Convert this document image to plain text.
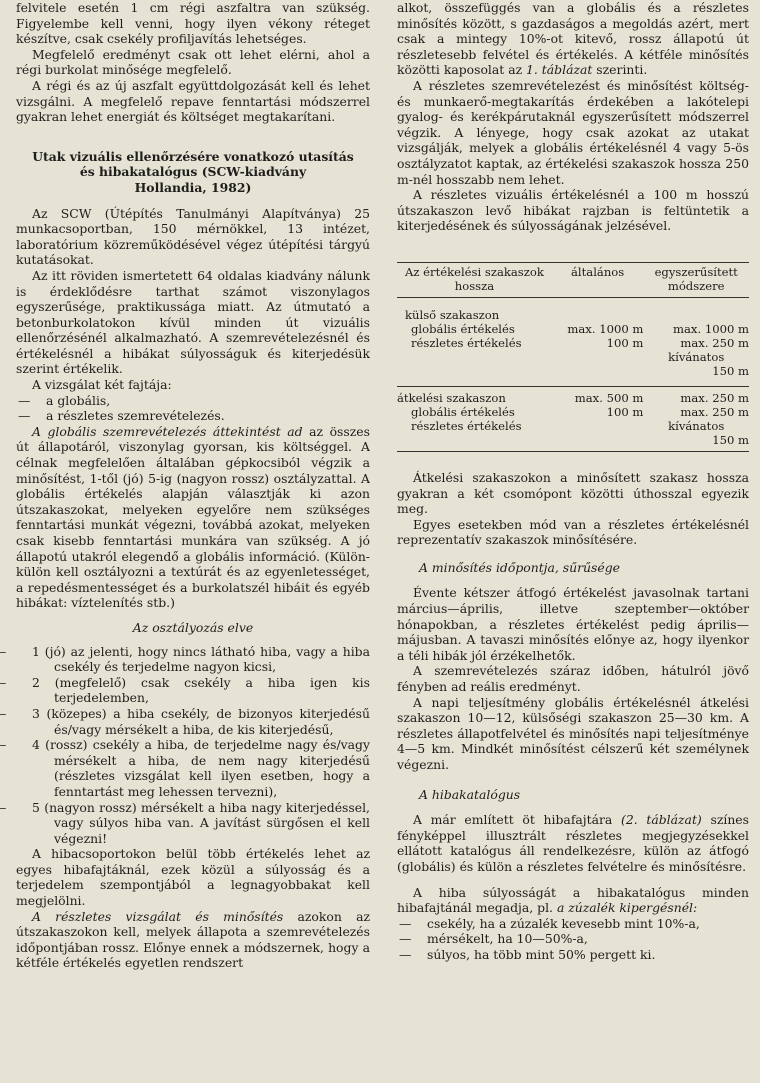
felvitele esetén 1 cm régi aszfaltra van szükség. Figyelembe kell venni, hogy ilyen vékony réteget készítve, csak csekély profiljavítás lehetséges.

Megfelelő eredményt csak ott lehet elérni, ahol a régi burkolat minősége megfelelő.

A régi és az új aszfalt együttdolgozását kell és lehet vizsgálni. A megfelelő repave fenntartási módszerrel gyakran lehet energiát és költséget megtakarítani.

Utak vizuális ellenőrzésére vonatkozó utasítás

és hibakatalógus (SCW-kiadvány

Hollandia, 1982)

Az SCW (Útépítés Tanulmányi Alapítványa) 25 munkacsoportban, 150 mérnökkel, 13 intézet, laboratórium közreműködésével végez útépítési tárgyú kutatásokat.

Az itt röviden ismertetett 64 oldalas kiadvány nálunk is érdeklődésre tarthat számot viszonylagos egyszerűsége, praktikussága miatt. Az útmutató a betonburkolatokon kívül minden út vizuális ellenőrzésénél alkalmazható. A szemrevételezésnél és értékelésnél a hibákat súlyosságuk és kiterjedésük szerint értékelik.

A vizsgálat két fajtája:

— a globális,
— a részletes szemrevételezés.

A globális szemrevételezés áttekintést ad az összes út állapotáról, viszonylag gyorsan, kis költséggel. A célnak megfelelően általában gépkocsiból végzik a minősítést, 1-től (jó) 5-ig (nagyon rossz) osztályzattal. A globális értékelés alapján választják ki azon útszakaszokat, melyeken egyelőre nem szükséges fenntartási munkát végezni, továbbá azokat, melyeken csak kisebb fenntartási munkára van szükség. A jó állapotú utakról elegendő a globális információ. (Külön-külön kell osztályozni a textúrát és az egyenletességet, a repedésmentességet és a burkolatszél hibáit és egyéb hibákat: víztelenítés stb.)

Az osztályozás elve

— 1 (jó) az jelenti, hogy nincs látható hiba, vagy a hiba csekély és terjedelme nagyon kicsi,
— 2 (megfelelő) csak csekély a hiba igen kis terjedelemben,
— 3 (közepes) a hiba csekély, de bizonyos kiterjedésű és/vagy mérsékelt a hiba, de kis kiterjedésű,
— 4 (rossz) csekély a hiba, de terjedelme nagy és/vagy mérsékelt a hiba, de nem nagy kiterjedésű (részletes vizsgálat kell ilyen esetben, hogy a fenntartást meg lehessen tervezni),
— 5 (nagyon rossz) mérsékelt a hiba nagy kiterjedéssel, vagy súlyos hiba van. A javítást sürgősen el kell végezni!

A hibacsoportokon belül több értékelés lehet az egyes hibafajtáknál, ezek közül a súlyosság és a terjedelem szempontjából a legnagyobbakat kell megjelölni.

A részletes vizsgálat és minősítés azokon az útszakaszokon kell, melyek állapota a szemrevételezés időpontjában rossz. Előnye ennek a módszernek, hogy a kétféle értékelés egyetlen rendszert

alkot, összefüggés van a globális és a részletes minősítés között, s gazdaságos a megoldás azért, mert csak a mintegy 10%-ot kitevő, rossz állapotú út részletesebb felvétel és értékelés. A kétféle minősítés közötti kaposolat az 1. táblázat szerinti.

A részletes szemrevételezést és minősítést költség- és munkaerő-megtakarítás érdekében a lakótelepi gyalog- és kerékpárutaknál egyszerűsített módszerrel végzik. A lényege, hogy csak azokat az utakat vizsgálják, melyek a globális értékelésnél 4 vagy 5-ös osztályzatot kaptak, az értékelési szakaszok hossza 250 m-nél hosszabb nem lehet.

A részletes vizuális értékelésnél a 100 m hosszú útszakaszon levő hibákat rajzban is feltüntetik a kiterjedésének és súlyosságának jelzésével.

Az értékelési szakaszok
hossza	általános	egyszerűsített
módszere

külső szakaszon		
globális értékelés	max. 1000 m	max. 1000 m
részletes értékelés	100 m	max. 250 m
		kívánatos
		150 m

átkelési szakaszon	max. 500 m	max. 250 m
globális értékelés	100 m	max. 250 m
részletes értékelés		kívánatos
		150 m

Átkelési szakaszokon a minősített szakasz hossza gyakran a két csomópont közötti úthosszal egyezik meg.

Egyes esetekben mód van a részletes értékelésnél reprezentatív szakaszok minősítésére.

A minősítés időpontja, sűrűsége

Évente kétszer átfogó értékelést javasolnak tartani március—április, illetve szeptember—október hónapokban, a részletes értékelést pedig április—májusban. A tavaszi minősítés előnye az, hogy ilyenkor a téli hibák jól érzékelhetők.

A szemrevételezés száraz időben, hátulról jövő fényben ad reális eredményt.

A napi teljesítmény globális értékelésnél átkelési szakaszon 10—12, külsőségi szakaszon 25—30 km. A részletes állapotfelvétel és minősítés napi teljesítménye 4—5 km. Mindkét minősítést célszerű két személynek végezni.

A hibakatalógus

A már említett öt hibafajtára (2. táblázat) színes fényképpel illusztrált részletes megjegyzésekkel ellátott katalógus áll rendelkezésre, külön az átfogó (globális) és külön a részletes felvételre és minősítésre.

A hiba súlyosságát a hibakatalógus minden hibafajtánál megadja, pl. a zúzalék kipergésnél:

— csekély, ha a zúzalék kevesebb mint 10%-a,
— mérsékelt, ha 10—50%-a,
— súlyos, ha több mint 50% pergett ki.
